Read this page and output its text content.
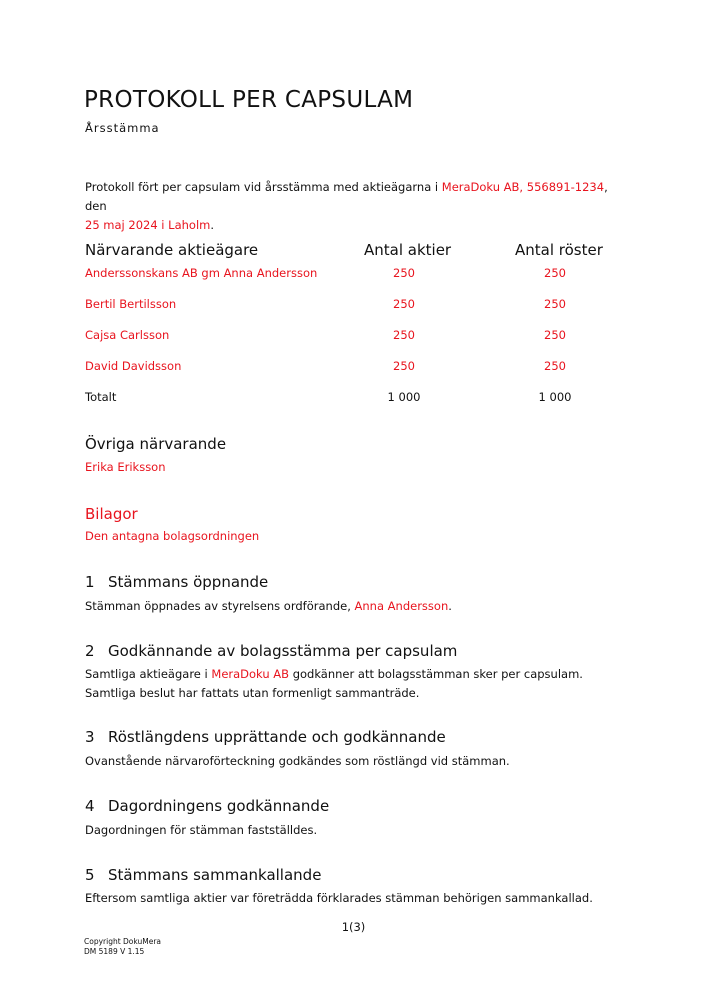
PROTOKOLL PER CAPSULAM
Årsstämma
Protokoll fört per capsulam vid årsstämma med aktieägarna i MeraDoku AB, 556891-1234, den
25 maj 2024 i Laholm.
Närvarande aktieägare	Antal aktier	Antal röster
Anderssonskans AB gm Anna Andersson	250	250
Bertil Bertilsson	250	250
Cajsa Carlsson	250	250
David Davidsson	250	250
Totalt	1 000	1 000
Övriga närvarande
Erika Eriksson
Bilagor
Den antagna bolagsordningen
1 Stämmans öppnande
Stämman öppnades av styrelsens ordförande, Anna Andersson.
2 Godkännande av bolagsstämma per capsulam
Samtliga aktieägare i MeraDoku AB godkänner att bolagsstämman sker per capsulam. Samtliga beslut har fattats utan formenligt sammanträde.
3 Röstlängdens upprättande och godkännande
Ovanstående närvaroförteckning godkändes som röstlängd vid stämman.
4 Dagordningens godkännande
Dagordningen för stämman fastställdes.
5 Stämmans sammankallande
Eftersom samtliga aktier var företrädda förklarades stämman behörigen sammankallad.
1(3)
Copyright DokuMera
DM 5189 V 1.15
